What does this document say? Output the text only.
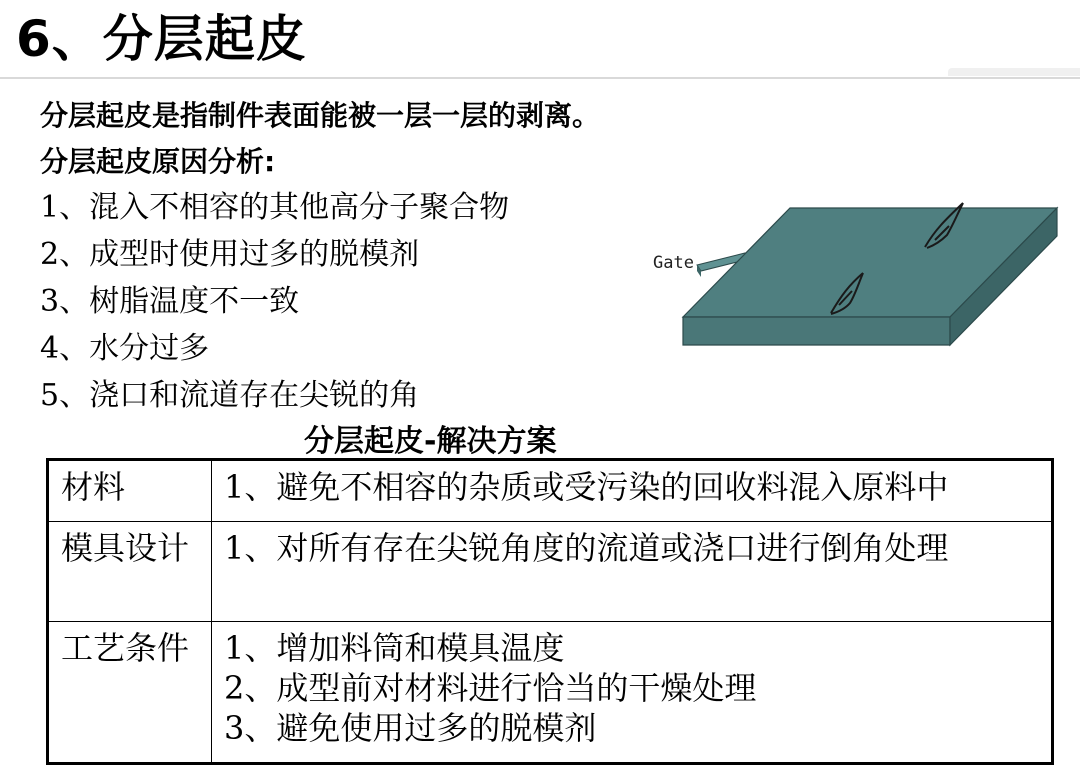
6、分层起皮
分层起皮是指制件表面能被一层一层的剥离。
分层起皮原因分析:
1、混入不相容的其他高分子聚合物
2、成型时使用过多的脱模剂
3、树脂温度不一致
4、水分过多
5、浇口和流道存在尖锐的角
Gate
分层起皮-解决方案
材料	1、避免不相容的杂质或受污染的回收料混入原料中

模具设计	1、对所有存在尖锐角度的流道或浇口进行倒角处理

工艺条件	1、增加料筒和模具温度
2、成型前对材料进行恰当的干燥处理
3、避免使用过多的脱模剂
